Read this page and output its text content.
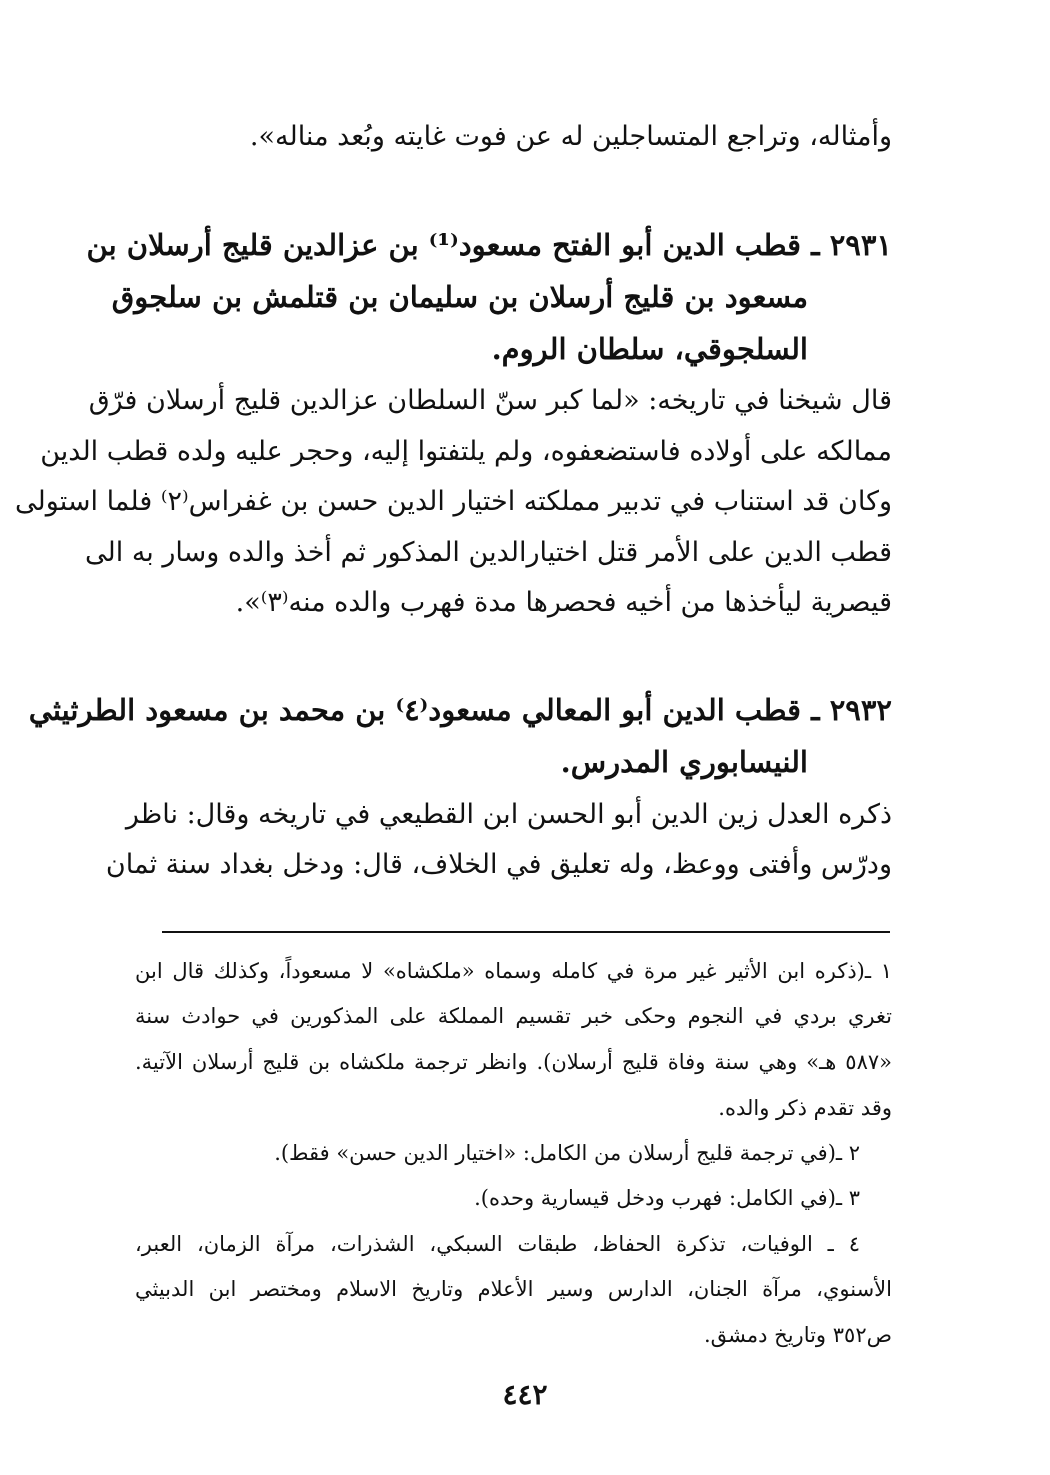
وأمثاله، وتراجع المتساجلين له عن فوت غايته وبُعد مناله».
٢٩٣١ ـ قطب الدين أبو الفتح مسعود⁽¹⁾ بن عزالدين قليج أرسلان بن
مسعود بن قليج أرسلان بن سليمان بن قتلمش بن سلجوق
السلجوقي، سلطان الروم.
قال شيخنا في تاريخه: «لما كبر سنّ السلطان عزالدين قليج أرسلان فرّق
ممالكه على أولاده فاستضعفوه، ولم يلتفتوا إليه، وحجر عليه ولده قطب الدين
وكان قد استناب في تدبير مملكته اختيار الدين حسن بن غفراس⁽٢⁾ فلما استولى
قطب الدين على الأمر قتل اختيارالدين المذكور ثم أخذ والده وسار به الى
قيصرية ليأخذها من أخيه فحصرها مدة فهرب والده منه⁽٣⁾».
٢٩٣٢ ـ قطب الدين أبو المعالي مسعود⁽٤⁾ بن محمد بن مسعود الطرثيثي
النيسابوري المدرس.
ذكره العدل زين الدين أبو الحسن ابن القطيعي في تاريخه وقال: ناظر
ودرّس وأفتى ووعظ، وله تعليق في الخلاف، قال: ودخل بغداد سنة ثمان
١ ـ(ذكره ابن الأثير غير مرة في كامله وسماه «ملكشاه» لا مسعوداً، وكذلك قال ابن
تغري بردي في النجوم وحكى خبر تقسيم المملكة على المذكورين في حوادث سنة
«٥٨٧ هـ» وهي سنة وفاة قليج أرسلان). وانظر ترجمة ملكشاه بن قليج أرسلان الآتية.
وقد تقدم ذكر والده.
٢ ـ(في ترجمة قليج أرسلان من الكامل: «اختيار الدين حسن» فقط).
٣ ـ(في الكامل: فهرب ودخل قيسارية وحده).
٤ ـ الوفيات، تذكرة الحفاظ، طبقات السبكي، الشذرات، مرآة الزمان، العبر،
الأسنوي، مرآة الجنان، الدارس وسير الأعلام وتاريخ الاسلام ومختصر ابن الدبيثي
ص٣٥٢ وتاريخ دمشق.
٤٤٢
